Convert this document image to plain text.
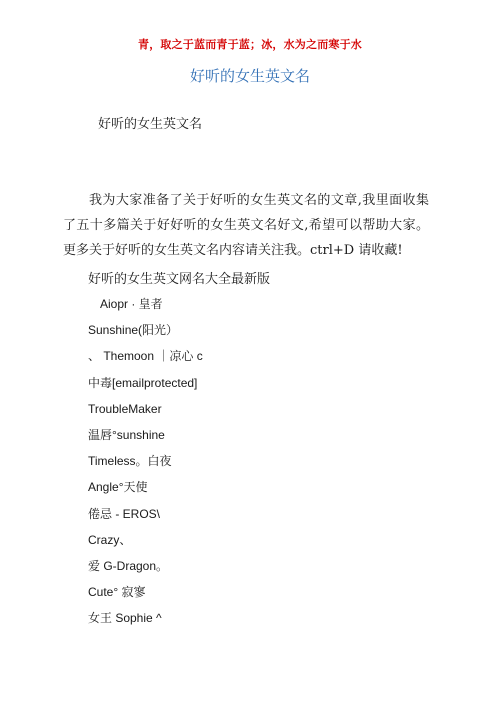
青，取之于蓝而青于蓝；冰，水为之而寒于水
好听的女生英文名
好听的女生英文名

我为大家准备了关于好听的女生英文名的文章,我里面收集了五十多篇关于好好听的女生英文名好文,希望可以帮助大家。更多关于好听的女生英文名内容请关注我。ctrl+D 请收藏!

好听的女生英文网名大全最新版
Aiopr · 皇者
Sunshine(阳光）
、 Themoon ｜凉心 c
中毒[emailprotected]
TroubleMaker
温唇°sunshine
Timeless。白夜
Angle°天使
倦忌 - EROS\
Crazy、
爱 G-Dragon。
Cute° 寂寥
女王 Sophie ^
